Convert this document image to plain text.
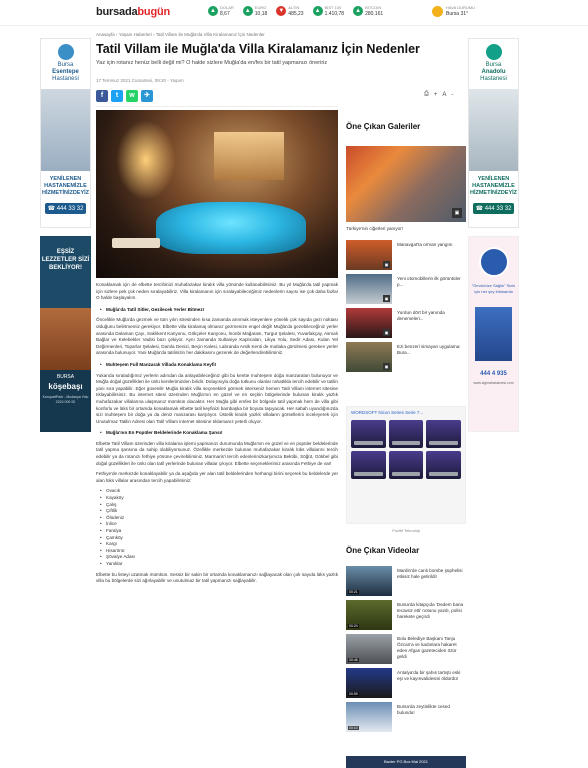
bursadabugün	▲
DOLAR
8,67	▲
EURO
10,18	▼
ALTIN
485,23	▲
BIST 100
1.410,78	▲
BITCOIN
280.161
HAVA DURUMU
Bursa 31°
Anasayfa › Yaşam Haberleri › Tatil Villam ile Muğla'da Villa Kiralamanız İçin Nedenler
Bursa
Esentepe
Hastanesi
YENİLENEN HASTANEMİZLE HİZMETİNİZDEYİZ
☎ 444 33 32
EŞSİZ LEZZETLER SİZİ BEKLİYOR!
BURSA
köşebaşı
KorupartPark - Mudanya Yolu 0224 000 00
Bursa
Anadolu
Hastanesi
YENİLENEN HASTANEMİZLE HİZMETİNİZDEYİZ
☎ 444 33 32
"Ömrünüze Sağlık" Sizin için her şey ihtimamla
444 4 935
www.sigmahastanesi.com
Tatil Villam ile Muğla'da Villa Kiralamanız İçin Nedenler
Yaz için rotanız henüz belli değil mi? O halde sizlere Muğla'da en/fes bir tatil yapmanızı öneririz
17 Temmuz 2021 Cumartesi, 09:20 - Yaşam
f	t	w	✈	⎙ + A -

Konaklamak için de elbette tercihinizi muhafazakar kiralık villa yönünde kullanabilirsiniz. Bu yıl Muğla'da tatil yapmak için sizlere pek çok neden sıralayabiliriz. Villa kiralamanın için sıralayabileceğimiz nedenlerin sayısı ise çok daha fazla! O halde başlayalım.

• Muğla'da Tatil Sitler, Gezilecek Yerler Bitmez!

Öncelikle Muğla'da gezmek ve tüm yılın stresinden kısa zamanda arınmak isteyenlere yönelik çok sayıda gezi noktası olduğunu belirtmemiz gerekiyor. Elbette villa kiralamaj olmanız gezmenize engel değil! Muğla'da gezebileceğiniz yerler arasında Dalaman Çayı, Saklıkent Kanyonu, Gökçeler Kanyonu, İnonbi Mağarası, Turgut Şelalesi, Yuvarlakçay, Asmalı Bağlar ve Kelebekler Vadisi bazı çekiyor. Aynı zamanda Sultaniye Kaplıcaları, Likya Yolu, Sedir Adası, Kulan Yel Değirmenleri, Toparlar Şelalesi, Damla Denizi, Beçin Kalesi, Labranda Antik Kenti de mutlaka görülmesi gereken yerler arasında bulunuyor. Yani Muğla'da tatilinizin her dakikasını gezerek de değerlendirebilirsiniz.

• Muhteşem Full Manzarak Villada Konaklama Keyfi!

Yukarıda sıraladığımız yerlerin adından da anlayabileceğiniz gibi bu kentte muhteşem doğa manzaraları bulunuyor ve Muğla doğal güzellikleri ile ünlü kentlerimizden biridir. Dolayısıyla doğa tutkunu olanlar rahatlıkla tercih edebilir ve tatilin yanı sıra yapabilir. Eğer güvenilir Muğla kiralık villa seçenekleri görmek isterseniz hemen Tatil Villam internet sitesine tıklayabilirsiniz. Bu internet sitesi üzerinden Muğla'nın en güzel ve en seçkin bölgelerinde bulunan kiralık yazlık muhafazakar villalarına ulaşmanız mümkün olacaktır. Her Muğla gibi emfes bir bölgede tatil yapmak hem de villa gibi konforlu ve lüks bir ortamda konaklamak elbette tatil keyfinizi bambaşka bir boyuta taşıyacak. Her sabah uyandığınızda sizi muhteşem bir doğa ya da deniz manzarası karşılıyor. Üstelik kiralık yazlık villaların görsellerini inceleyerek için Unutulmaz Tatilin Adresi olan Tatil Villam internet sitesine tıklamanız yeterli oluyor.

• Muğla'nın En Popüler Beldelerinde Konaklama Şansı!

Elbette Tatil Villam üzerinden villa kiralama işlemi yapmanızı durumunda Muğla'nın en güzel ve en popüler beldelerinde tatil yapma şansına da sahip olabiliyorsunuz. Özellikle merkezde bulunan muhafazakar kiralık lüks villalarını tercih edebilir ya da rotanızı fethiye yönüne çevirebilirsiniz. Marmaris'i tercih edenlerinizkarşımıza Bektibi, Söğüt, Gökbel gibi doğal güzellikleri ile ünlü olan tatil yerlerinde bulunan villalar çıkıyor. Elbette seçeneklerimiz arasında Fethiye de var!

Fethiye'de merkezde konaklayabilir ya da aşağıda yer alan tatil beldelerinden herhangi birini seçerek bu beldelerde yer alan lüks villalar arasından tercih yapabilirsiniz:

• Ovacık
• Kayaköy
• Çalış
• Çiftlik
• Ölüdeniz
• İnlice
• Faralya
• Çamköy
• Kargı
• Hisarönü
• Şövalye Adası
• Yanıklar

Elbette bu listeyi uzatmak mümkün. Sessiz bir sakin bir ortamda konaklamanızı sağlayacak olan çok sayıda lüks yazlık villa bu bölgelerde sizi ağırlayabilir ve unutulmaz bir tatil yapmanızı sağlayabilir.

Öne Çıkan Galeriler
▣
Türkiye'nin ciğerleri yanıyor!
▣
Manavgat'ta orman yangını
▣
Yeni otomobillerin ilk görüntüler p...
▣
Yurdun dört bir yanında denemeleri...
▣
Ezi benzeri simayan uygulama: Bura...
WORDSOFT Nicon Series Serie 7...
Pozitif Teknoloji
Öne Çıkan Videolar
00:21
Mardin'de canlı bombe şüphelisi etkisiz hale getirildi!
00:24
Bursa'da kitapçıda 'Dedem bana tecavüz etti' notunu yazdı, polisi harekete geçirdi
00:46
Bolu Belediye Başkanı Tanju Özcan'a ve kadınlara hakaret eden Afgan gazeteciden özür geldi
00:59
Antalya'da bir şahıs tartıştı eski eşi ve kayınvalidesini öldürdü!
00:10
Bursa'da zeytinlikte cesed bulundu!
Baxter PG Box Mai 2021
